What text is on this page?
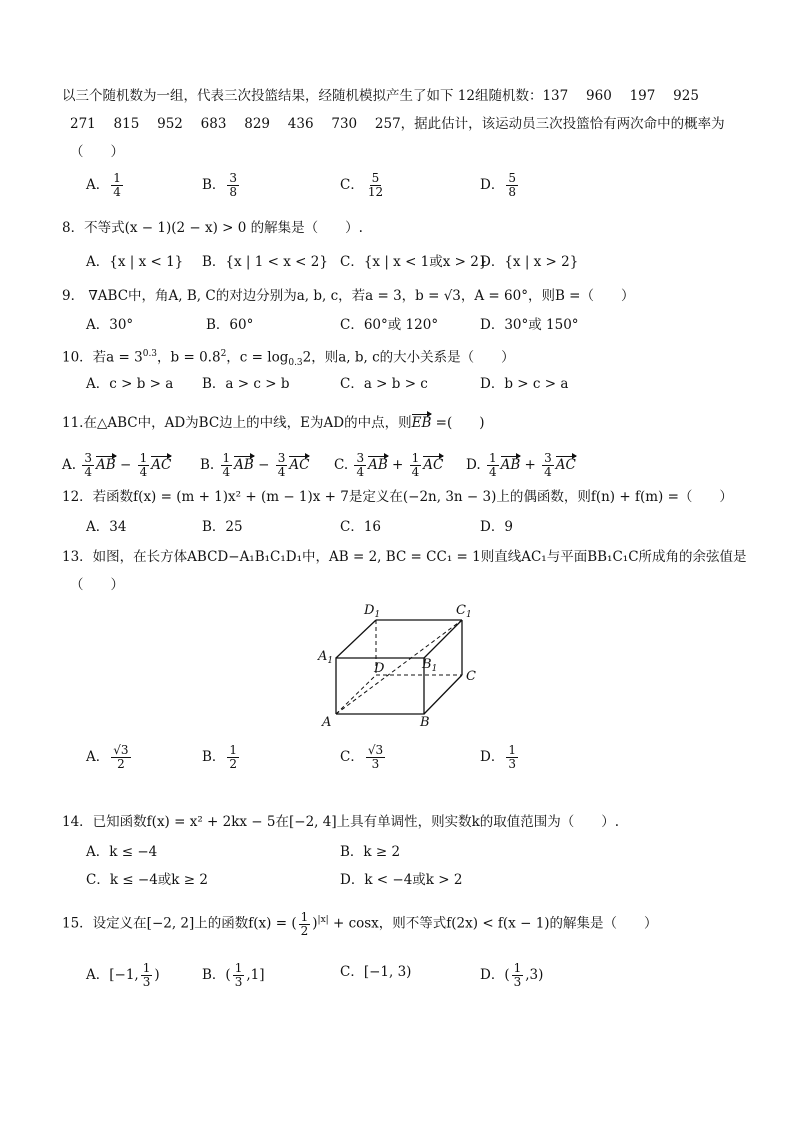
以三个随机数为一组，代表三次投篮结果，经随机模拟产生了如下 12组随机数：137　 960　 197　 925
271　 815　 952　 683　 829　 436　 730　 257，据此估计，该运动员三次投篮恰有两次命中的概率为
（　　）
A． $\frac{1}{4}$	B． $\frac{3}{8}$	C． $\frac{5}{12}$	D． $\frac{5}{8}$
8．不等式(x − 1)(2 − x) > 0 的解集是（　　）.
A．{x | x < 1} B．{x | 1 < x < 2} C．{x | x < 1或x > 2}
D．{x | x > 2}
9． ∇ABC中，角A, B, C的对边分别为a, b, c，若a = 3，b = √3，A = 60°，则B =（　　）
A．30°	B．60°	C．60°或 120°	D．30°或 150°
10．若$a = 3^{0.3}$，$b = 0.8^2$，$c = \log_{0.3}2$，则a, b, c的大小关系是（　　）
A．c > b > a B．a > c > b	C．a > b > c	D．b > c > a
11.在△ABC中，AD为BC边上的中线，E为AD的中点，则EB =(　　)
A. $\frac{3}{4}$ AB − $\frac{1}{4}$ AC B. $\frac{1}{4}$ AB − $\frac{3}{4}$ AC C. $\frac{3}{4}$ AB + $\frac{1}{4}$ AC D. $\frac{1}{4}$ AB + $\frac{3}{4}$ AC
12．若函数f(x) = (m + 1)x² + (m − 1)x + 7是定义在(−2n, 3n − 3)上的偶函数，则f(n) + f(m) =（　　）
A．34	B．25	C．16	D．9
13．如图，在长方体ABCD−A₁B₁C₁D₁中，AB = 2, BC = CC₁ = 1则直线AC₁与平面BB₁C₁C所成角的余弦值是
（　　）
$D_1$	$C_1$
$A_1$	D	$B_1$ C
A	B
A． $\frac{√3}{2}$	B． $\frac{1}{2}$	C． $\frac{√3}{3}$	D． $\frac{1}{3}$
14．已知函数f(x) = x² + 2kx − 5在[−2, 4]上具有单调性，则实数k的取值范围为（　　）.
A．k ≤ −4	B．k ≥ 2
C．k ≤ −4或k ≥ 2	D．k < −4或k > 2
15．设定义在[−2, 2]上的函数f(x) = ( $\frac{1}{2} )^{|x|} + \cos x$，则不等式f(2x) < f(x − 1)的解集是（　　）
A．[−1, $\frac{1}{3}$ )	B．( $\frac{1}{3} ,1$]	C．[−1, 3)	D．( $\frac{1}{3} ,3$)
